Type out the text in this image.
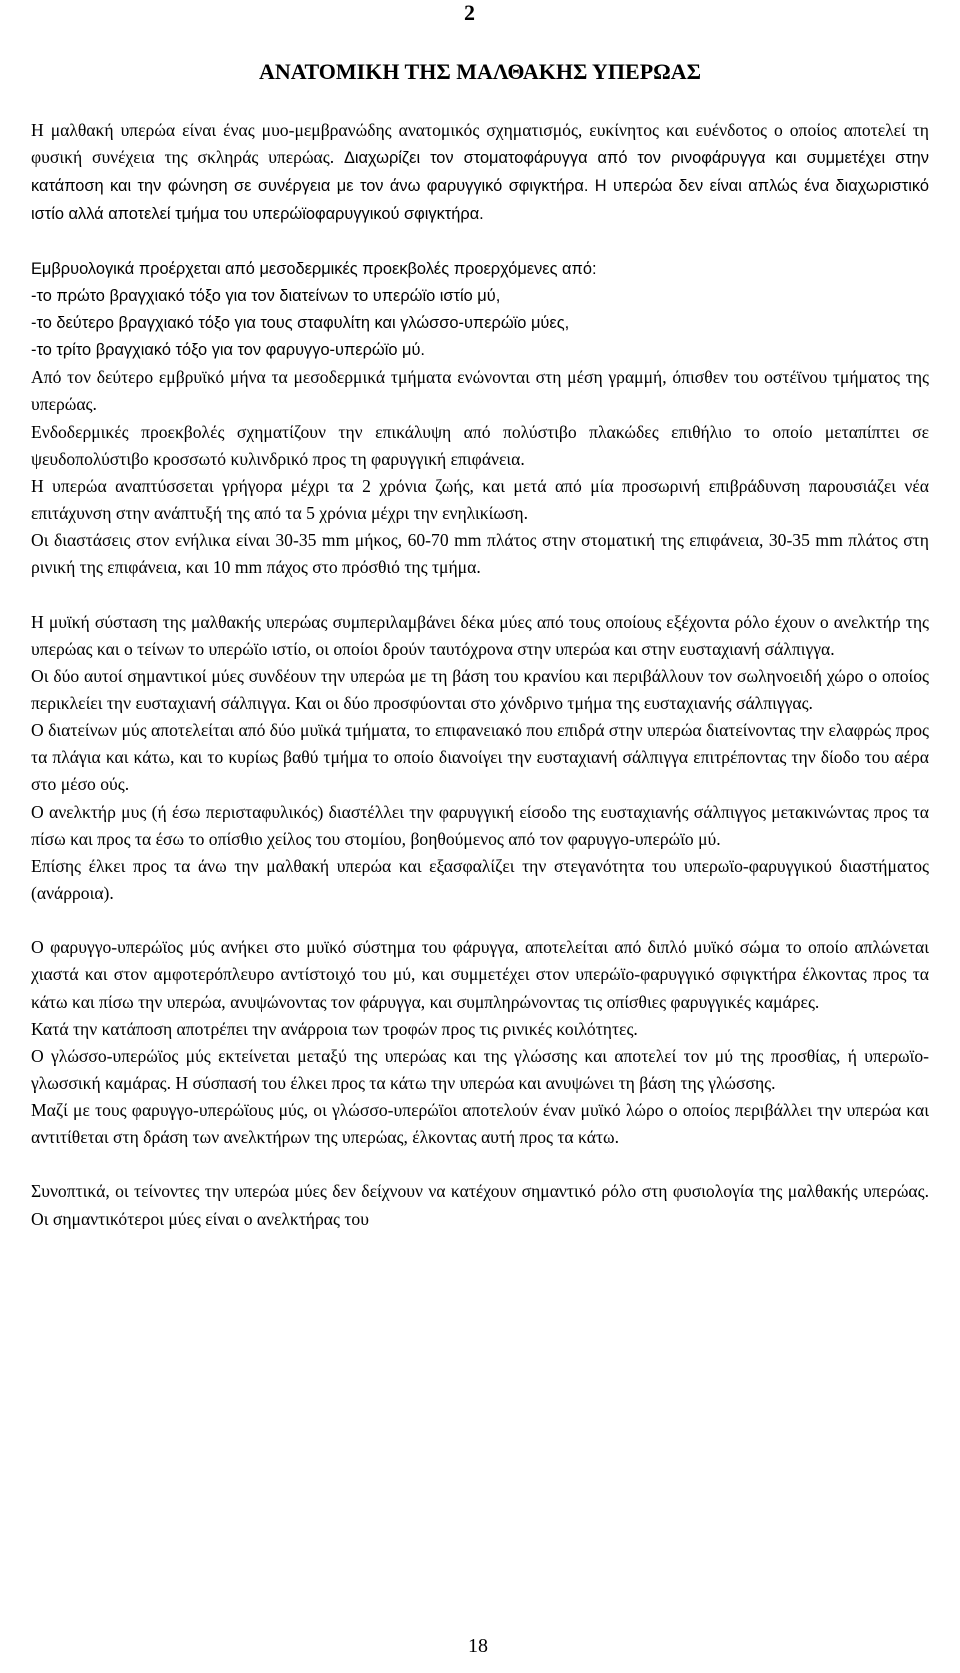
2
ΑΝΑΤΟΜΙΚΗ ΤΗΣ ΜΑΛΘΑΚΗΣ ΥΠΕΡΩΑΣ

Η μαλθακή υπερώα είναι ένας μυο-μεμβρανώδης ανατομικός σχηματισμός, ευκίνητος και ευένδοτος ο οποίος αποτελεί τη φυσική συνέχεια της σκληράς υπερώας. Διαχωρίζει τον στοματοφάρυγγα από τον ρινοφάρυγγα και συμμετέχει στην κατάποση και την φώνηση σε συνέργεια με τον άνω φαρυγγικό σφιγκτήρα. Η υπερώα δεν είναι απλώς ένα διαχωριστικό ιστίο αλλά αποτελεί τμήμα του υπερώϊοφαρυγγικού σφιγκτήρα.

Εμβρυολογικά προέρχεται από μεσοδερμικές προεκβολές προερχόμενες από:

-το πρώτο βραγχιακό τόξο για τον διατείνων το υπερώϊο ιστίο μύ,

-το δεύτερο βραγχιακό τόξο για τους σταφυλίτη και γλώσσο-υπερώϊο μύες,

-το τρίτο βραγχιακό τόξο για τον φαρυγγο-υπερώϊο μύ.

Από τον δεύτερο εμβρυϊκό μήνα τα μεσοδερμικά τμήματα ενώνονται στη μέση γραμμή, όπισθεν του οστέϊνου τμήματος της υπερώας.

Ενδοδερμικές προεκβολές σχηματίζουν την επικάλυψη από πολύστιβο πλακώδες επιθήλιο το οποίο μεταπίπτει σε ψευδοπολύστιβο κροσσωτό κυλινδρικό προς τη φαρυγγική επιφάνεια.

Η υπερώα αναπτύσσεται γρήγορα μέχρι τα 2 χρόνια ζωής, και μετά από μία προσωρινή επιβράδυνση παρουσιάζει νέα επιτάχυνση στην ανάπτυξή της από τα 5 χρόνια μέχρι την ενηλικίωση.

Οι διαστάσεις στον ενήλικα είναι 30-35 mm μήκος, 60-70 mm πλάτος στην στοματική της επιφάνεια, 30-35 mm πλάτος στη ρινική της επιφάνεια, και 10 mm πάχος στο πρόσθιό της τμήμα.

Η μυϊκή σύσταση της μαλθακής υπερώας συμπεριλαμβάνει δέκα μύες από τους οποίους εξέχοντα ρόλο έχουν ο ανελκτήρ της υπερώας και ο τείνων το υπερώϊο ιστίο, οι οποίοι δρούν ταυτόχρονα στην υπερώα και στην ευσταχιανή σάλπιγγα.

Οι δύο αυτοί σημαντικοί μύες συνδέουν την υπερώα με τη βάση του κρανίου και περιβάλλουν τον σωληνοειδή χώρο ο οποίος περικλείει την ευσταχιανή σάλπιγγα. Και οι δύο προσφύονται στο χόνδρινο τμήμα της ευσταχιανής σάλπιγγας.

Ο διατείνων μύς αποτελείται από δύο μυϊκά τμήματα, το επιφανειακό που επιδρά στην υπερώα διατείνοντας την ελαφρώς προς τα πλάγια και κάτω, και το κυρίως βαθύ τμήμα το οποίο διανοίγει την ευσταχιανή σάλπιγγα επιτρέποντας την δίοδο του αέρα στο μέσο ούς.

Ο ανελκτήρ μυς (ή έσω περισταφυλικός) διαστέλλει την φαρυγγική είσοδο της ευσταχιανής σάλπιγγος μετακινώντας προς τα πίσω και προς τα έσω το οπίσθιο χείλος του στομίου, βοηθούμενος από τον φαρυγγο-υπερώϊο μύ.

Επίσης έλκει προς τα άνω την μαλθακή υπερώα και εξασφαλίζει την στεγανότητα του υπερωϊο-φαρυγγικού διαστήματος (ανάρροια).

Ο φαρυγγο-υπερώϊος μύς ανήκει στο μυϊκό σύστημα του φάρυγγα, αποτελείται από διπλό μυϊκό σώμα το οποίο απλώνεται χιαστά και στον αμφοτερόπλευρο αντίστοιχό του μύ, και συμμετέχει στον υπερώϊο-φαρυγγικό σφιγκτήρα έλκοντας προς τα κάτω και πίσω την υπερώα, ανυψώνοντας τον φάρυγγα, και συμπληρώνοντας τις οπίσθιες φαρυγγικές καμάρες.

Κατά την κατάποση αποτρέπει την ανάρροια των τροφών προς τις ρινικές κοιλότητες.

Ο γλώσσο-υπερώϊος μύς εκτείνεται μεταξύ της υπερώας και της γλώσσης και αποτελεί τον μύ της προσθίας, ή υπερωϊο-γλωσσική καμάρας. Η σύσπασή του έλκει προς τα κάτω την υπερώα και ανυψώνει τη βάση της γλώσσης.

Μαζί με τους φαρυγγο-υπερώϊους μύς, οι γλώσσο-υπερώϊοι αποτελούν έναν μυϊκό λώρο ο οποίος περιβάλλει την υπερώα και αντιτίθεται στη δράση των ανελκτήρων της υπερώας, έλκοντας αυτή προς τα κάτω.

Συνοπτικά, οι τείνοντες την υπερώα μύες δεν δείχνουν να κατέχουν σημαντικό ρόλο στη φυσιολογία της μαλθακής υπερώας. Οι σημαντικότεροι μύες είναι ο ανελκτήρας του

18
